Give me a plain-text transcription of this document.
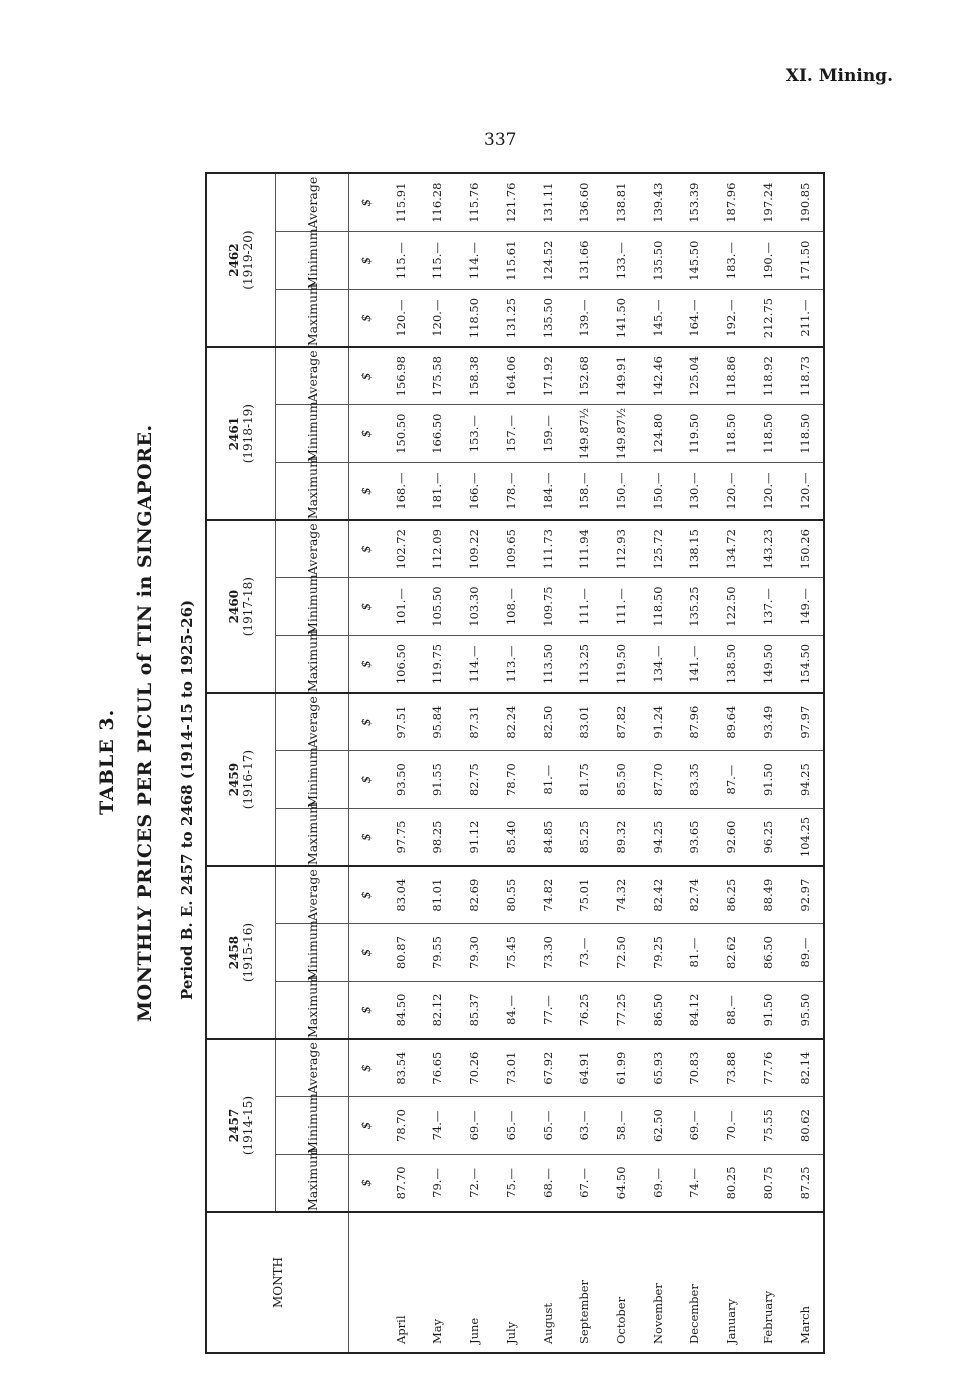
XI. Mining.
337
TABLE 3. MONTHLY PRICES PER PICUL of TIN in SINGAPORE. Period B. E. 2457 to 2468 (1914-15 to 1925-26)
MONTH	2457 (1914-15)			2458 (1915-16)			2459 (1916-17)			2460 (1917-18)			2461 (1918-19)			2462 (1919-20)		
	Maximum	Minimum	Average	Maximum	Minimum	Average	Maximum	Minimum	Average	Maximum	Minimum	Average	Maximum	Minimum	Average	Maximum	Minimum	Average
	$	$	$	$	$	$	$	$	$	$	$	$	$	$	$	$	$	$
April	87.70	78.70	83.54	84.50	80.87	83.04	97.75	93.50	97.51	106.50	101.—	102.72	168.—	150.50	156.98	120.—	115.—	115.91
May	79.—	74.—	76.65	82.12	79.55	81.01	98.25	91.55	95.84	119.75	105.50	112.09	181.—	166.50	175.58	120.—	115.—	116.28
June	72.—	69.—	70.26	85.37	79.30	82.69	91.12	82.75	87.31	114.—	103.30	109.22	166.—	153.—	158.38	118.50	114.—	115.76
July	75.—	65.—	73.01	84.—	75.45	80.55	85.40	78.70	82.24	113.—	108.—	109.65	178.—	157.—	164.06	131.25	115.61	121.76
August	68.—	65.—	67.92	77.—	73.30	74.82	84.85	81.—	82.50	113.50	109.75	111.73	184.—	159.—	171.92	135.50	124.52	131.11
September	67.—	63.—	64.91	76.25	73.—	75.01	85.25	81.75	83.01	113.25	111.—	111.94	158.—	149.87½	152.68	139.—	131.66	136.60
October	64.50	58.—	61.99	77.25	72.50	74.32	89.32	85.50	87.82	119.50	111.—	112.93	150.—	149.87½	149.91	141.50	133.—	138.81
November	69.—	62.50	65.93	86.50	79.25	82.42	94.25	87.70	91.24	134.—	118.50	125.72	150.—	124.80	142.46	145.—	135.50	139.43
December	74.—	69.—	70.83	84.12	81.—	82.74	93.65	83.35	87.96	141.—	135.25	138.15	130.—	119.50	125.04	164.—	145.50	153.39
January	80.25	70.—	73.88	88.—	82.62	86.25	92.60	87.—	89.64	138.50	122.50	134.72	120.—	118.50	118.86	192.—	183.—	187.96
February	80.75	75.55	77.76	91.50	86.50	88.49	96.25	91.50	93.49	149.50	137.—	143.23	120.—	118.50	118.92	212.75	190.—	197.24
March	87.25	80.62	82.14	95.50	89.—	92.97	104.25	94.25	97.97	154.50	149.—	150.26	120.—	118.50	118.73	211.—	171.50	190.85
